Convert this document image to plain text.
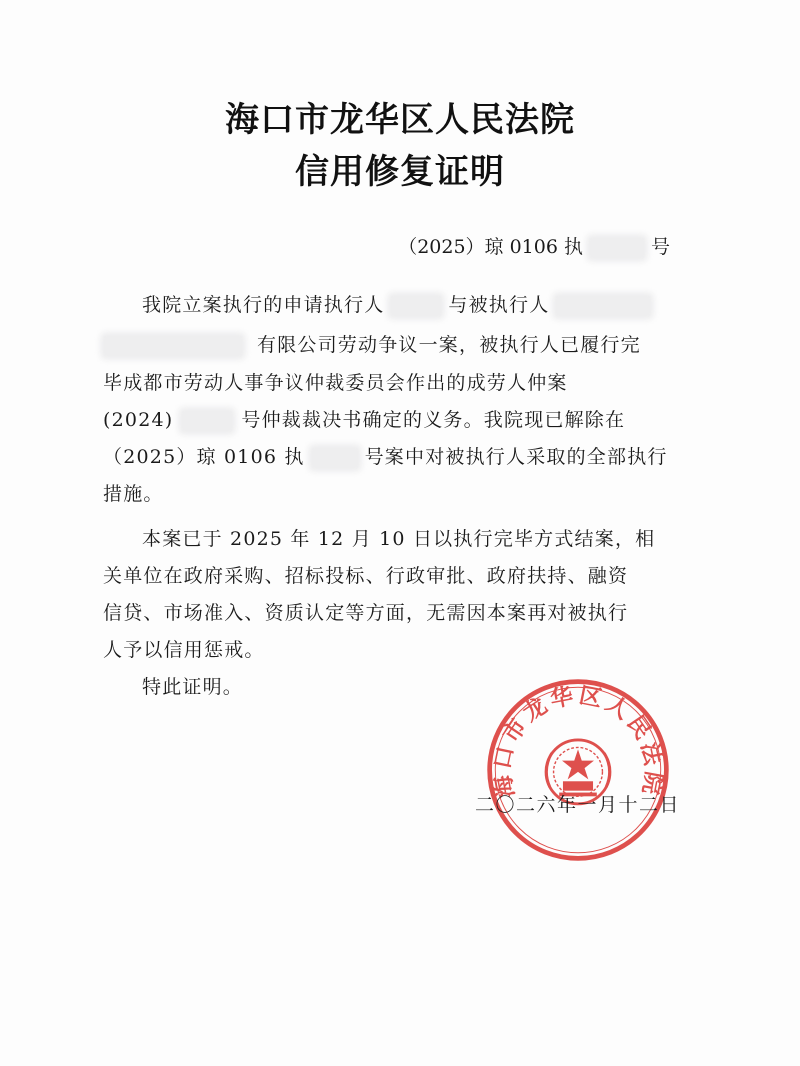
海口市龙华区人民法院
信用修复证明
（2025）琼 0106 执	号
我院立案执行的申请执行人	与被执行人
有限公司劳动争议一案，被执行人已履行完
毕成都市劳动人事争议仲裁委员会作出的成劳人仲案
(2024)	号仲裁裁决书确定的义务。我院现已解除在
（2025）琼 0106 执	号案中对被执行人采取的全部执行
措施。
本案已于 2025 年 12 月 10 日以执行完毕方式结案，相
关单位在政府采购、招标投标、行政审批、政府扶持、融资
信贷、市场准入、资质认定等方面，无需因本案再对被执行
人予以信用惩戒。
特此证明。
海口市龙华区人民法院
二〇二六年一月十二日
